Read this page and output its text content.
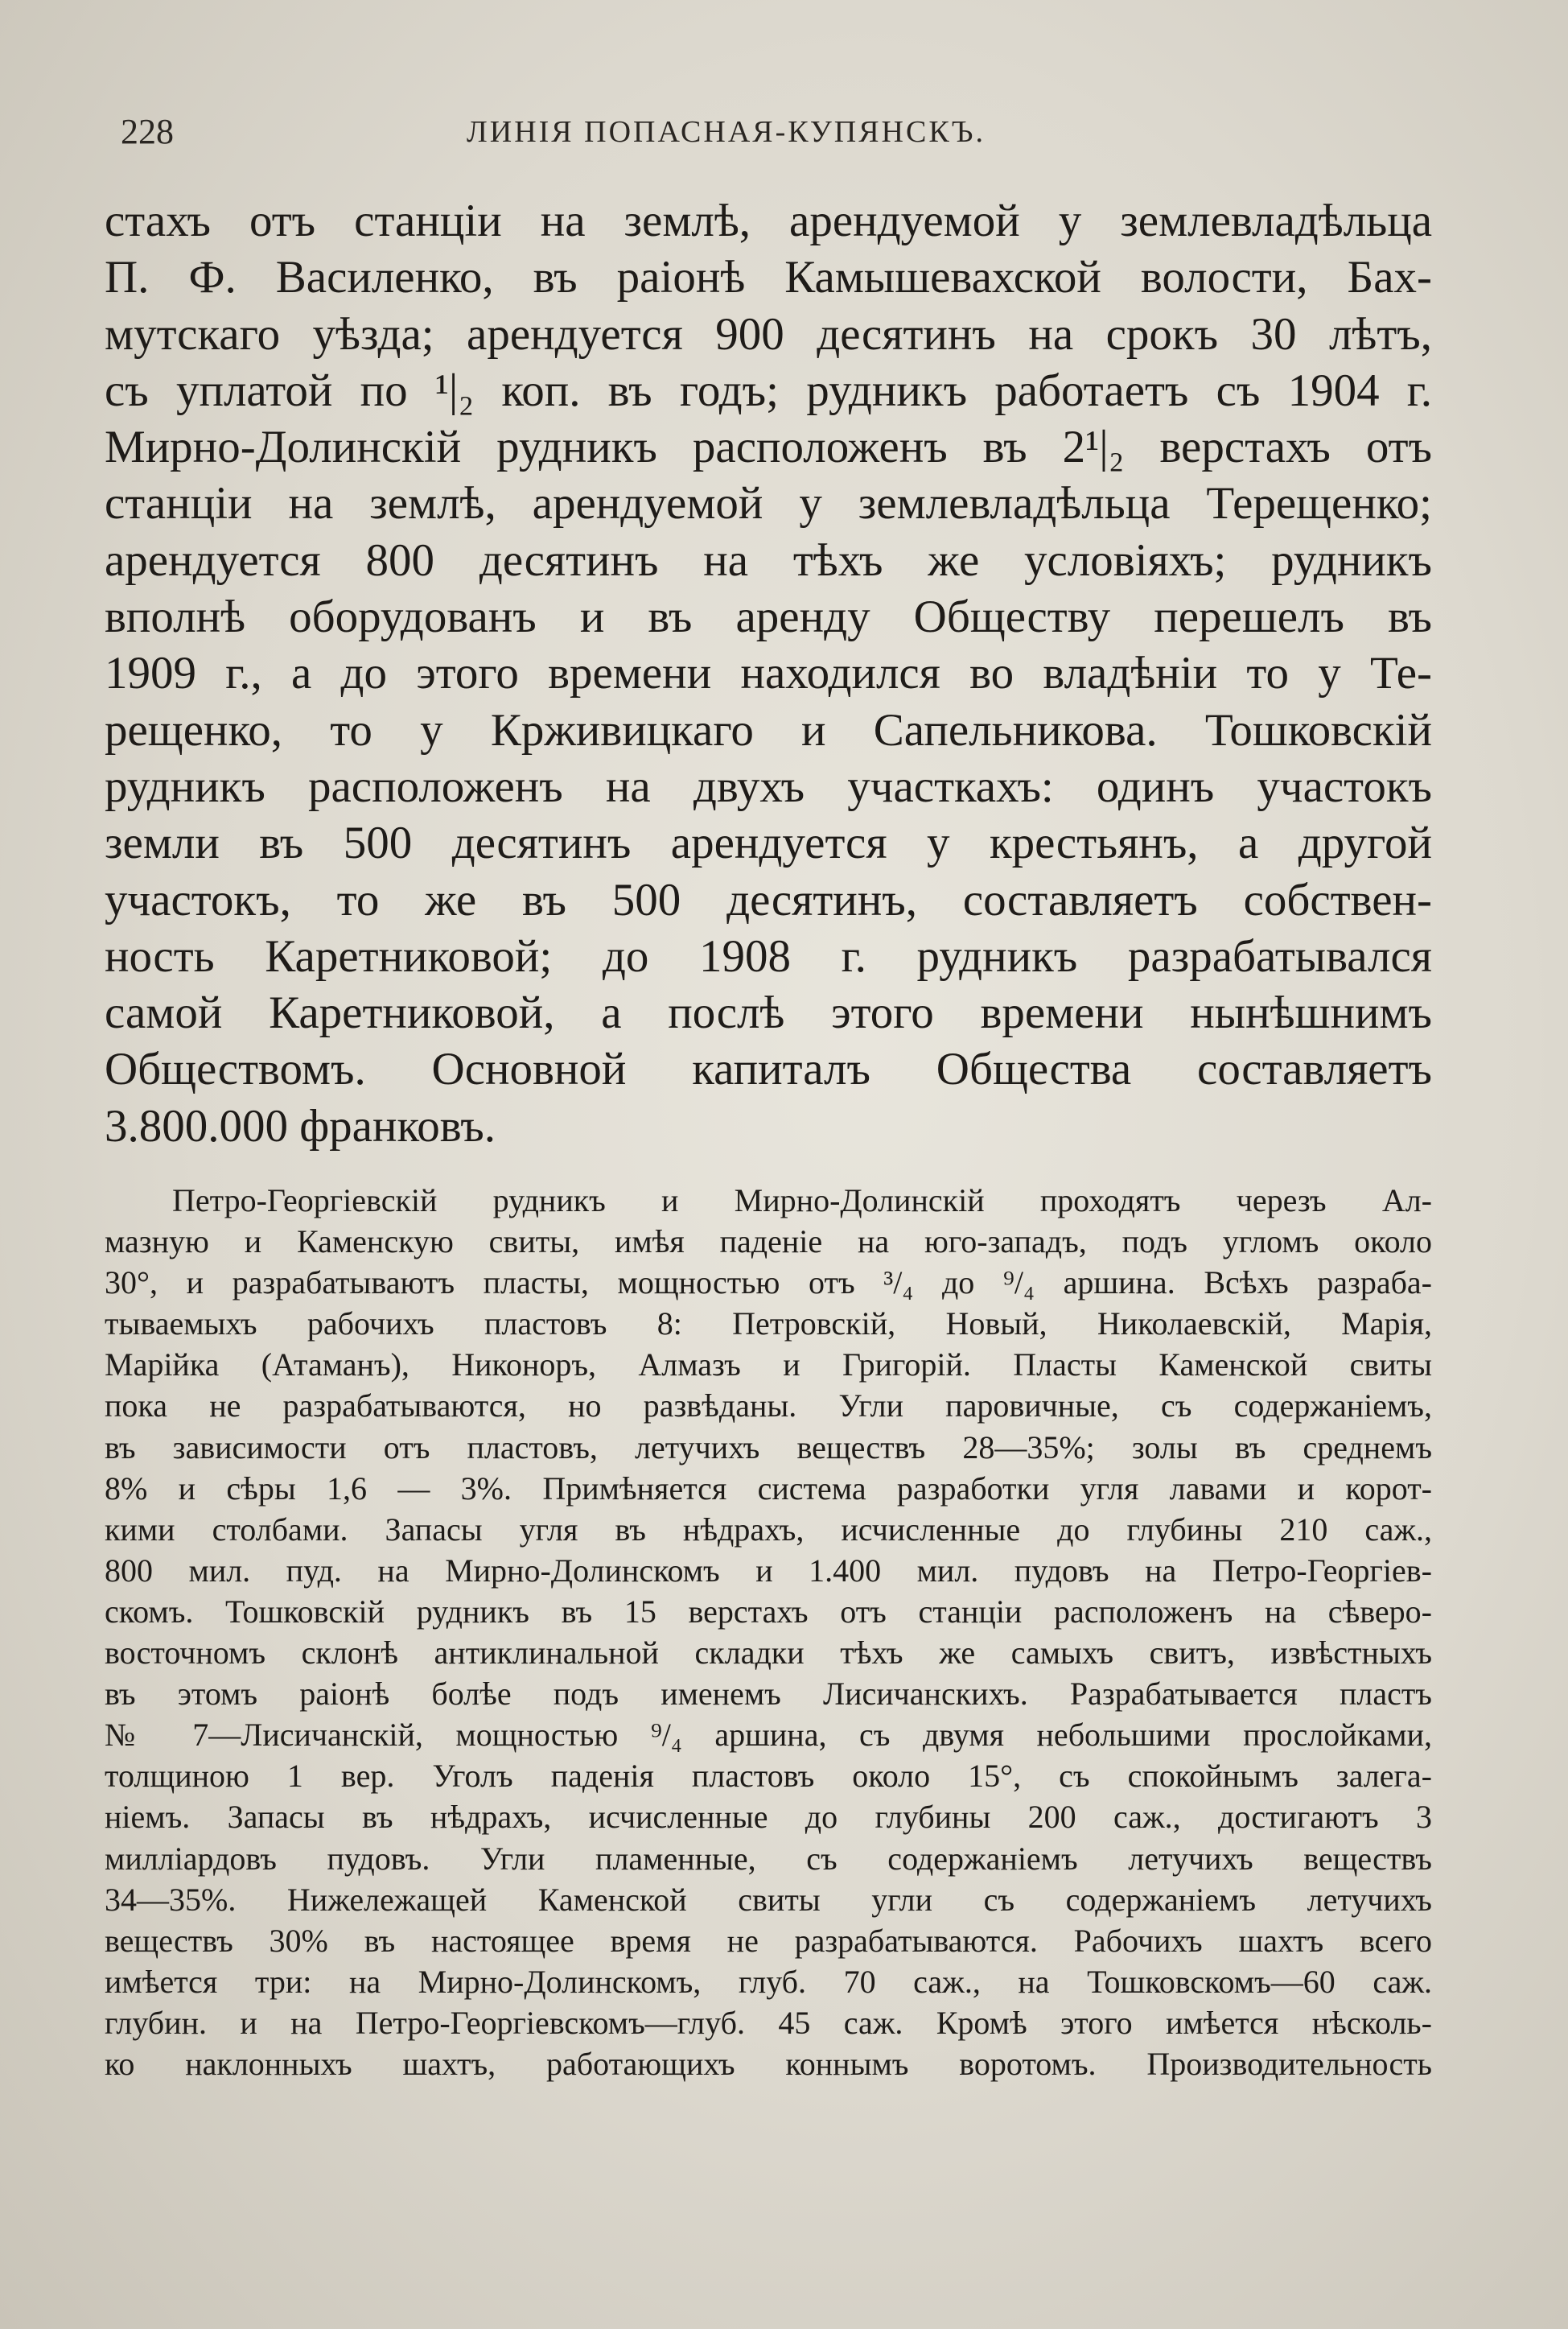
228	ЛИНІЯ ПОПАСНАЯ-КУПЯНСКЪ.
стахъ отъ станціи на землѣ, арендуемой у землевладѣльца
П. Ф. Василенко, въ раіонѣ Камышевахской волости, Бах-
мутскаго уѣзда; арендуется 900 десятинъ на срокъ 30 лѣтъ,
съ уплатой по ¹|₂ коп. въ годъ; рудникъ работаетъ съ 1904 г.
Мирно-Долинскій рудникъ расположенъ въ 2¹|₂ верстахъ отъ
станціи на землѣ, арендуемой у землевладѣльца Терещенко;
арендуется 800 десятинъ на тѣхъ же условіяхъ; рудникъ
вполнѣ оборудованъ и въ аренду Обществу перешелъ въ
1909 г., а до этого времени находился во владѣніи то у Те-
рещенко, то у Крживицкаго и Сапельникова. Тошковскій
рудникъ расположенъ на двухъ участкахъ: одинъ участокъ
земли въ 500 десятинъ арендуется у крестьянъ, а другой
участокъ, то же въ 500 десятинъ, составляетъ собствен-
ность Каретниковой; до 1908 г. рудникъ разрабатывался
самой Каретниковой, а послѣ этого времени нынѣшнимъ
Обществомъ. Основной капиталъ Общества составляетъ
3.800.000 франковъ.
Петро-Георгіевскій рудникъ и Мирно-Долинскій проходятъ черезъ Ал-
мазную и Каменскую свиты, имѣя паденіе на юго-западъ, подъ угломъ около
30°, и разрабатываютъ пласты, мощностью отъ ³/₄ до ⁹/₄ аршина. Всѣхъ разраба-
тываемыхъ рабочихъ пластовъ 8: Петровскій, Новый, Николаевскій, Марія,
Марійка (Атаманъ), Никоноръ, Алмазъ и Григорій. Пласты Каменской свиты
пока не разрабатываются, но развѣданы. Угли паровичные, съ содержаніемъ,
въ зависимости отъ пластовъ, летучихъ веществъ 28—35%; золы въ среднемъ
8% и сѣры 1,6 — 3%. Примѣняется система разработки угля лавами и корот-
кими столбами. Запасы угля въ нѣдрахъ, исчисленные до глубины 210 саж.,
800 мил. пуд. на Мирно-Долинскомъ и 1.400 мил. пудовъ на Петро-Георгіев-
скомъ. Тошковскій рудникъ въ 15 верстахъ отъ станціи расположенъ на сѣверо-
восточномъ склонѣ антиклинальной складки тѣхъ же самыхъ свитъ, извѣстныхъ
въ этомъ раіонѣ болѣе подъ именемъ Лисичанскихъ. Разрабатывается пластъ
№ 7—Лисичанскій, мощностью ⁹/₄ аршина, съ двумя небольшими прослойками,
толщиною 1 вер. Уголъ паденія пластовъ около 15°, съ спокойнымъ залега-
ніемъ. Запасы въ нѣдрахъ, исчисленные до глубины 200 саж., достигаютъ 3
милліардовъ пудовъ. Угли пламенные, съ содержаніемъ летучихъ веществъ
34—35%. Нижележащей Каменской свиты угли съ содержаніемъ летучихъ
веществъ 30% въ настоящее время не разрабатываются. Рабочихъ шахтъ всего
имѣется три: на Мирно-Долинскомъ, глуб. 70 саж., на Тошковскомъ—60 саж.
глубин. и на Петро-Георгіевскомъ—глуб. 45 саж. Кромѣ этого имѣется нѣсколь-
ко наклонныхъ шахтъ, работающихъ коннымъ воротомъ. Производительность
